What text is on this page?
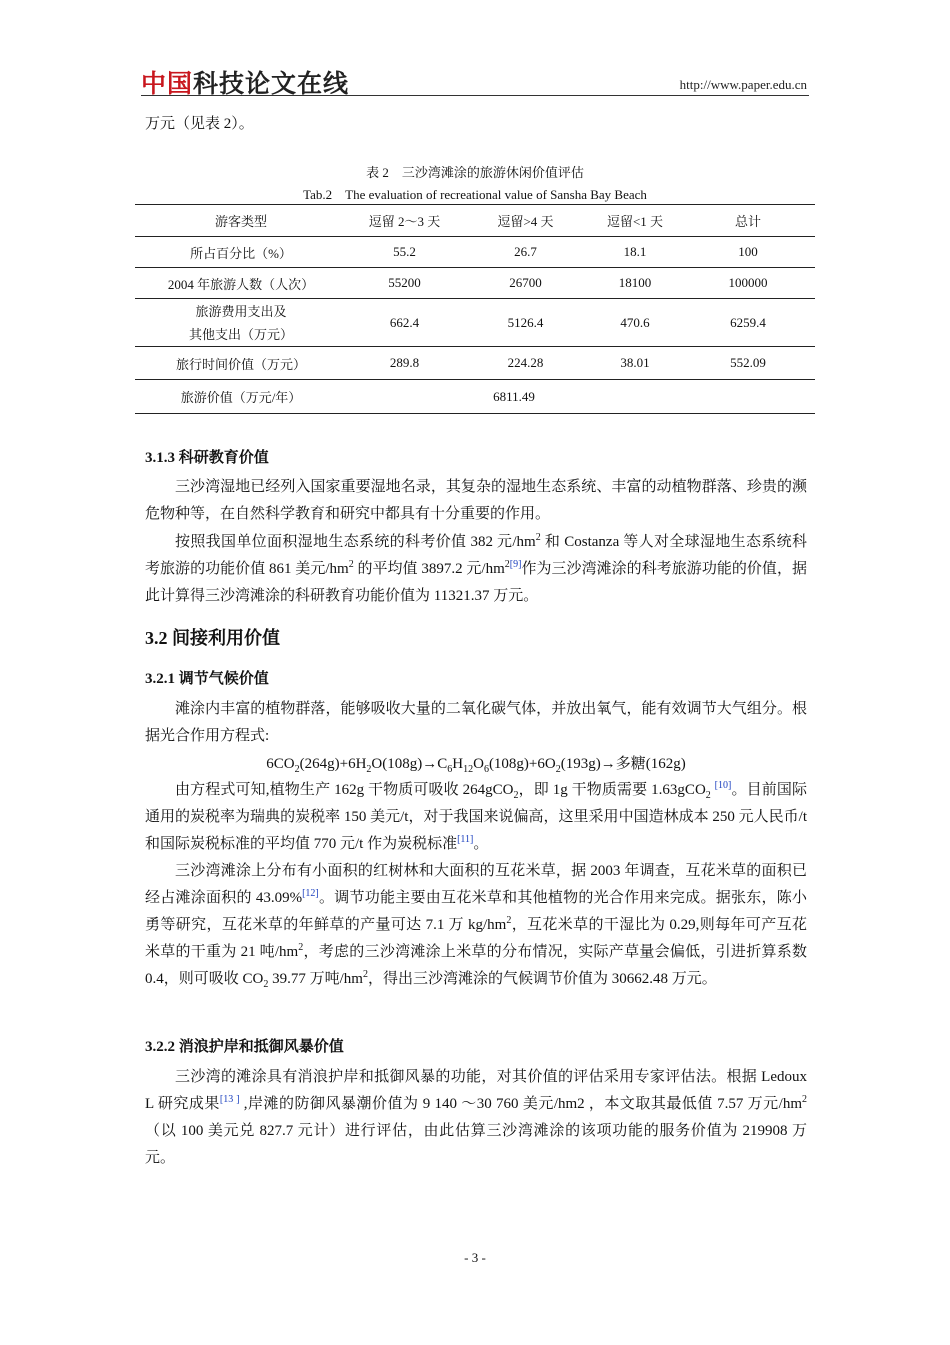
中国科技论文在线	http://www.paper.edu.cn
万元（见表 2）。
表 2　三沙湾滩涂的旅游休闲价值评估
Tab.2　The evaluation of recreational value of Sansha Bay Beach
游客类型	逗留 2～3 天	逗留>4 天	逗留<1 天	总计
所占百分比（%）	55.2	26.7	18.1	100
2004 年旅游人数（人次）	55200	26700	18100	100000
旅游费用支出及
其他支出（万元）	662.4	5126.4	470.6	6259.4
旅行时间价值（万元）	289.8	224.28	38.01	552.09
旅游价值（万元/年）	6811.49			
3.1.3 科研教育价值
三沙湾湿地已经列入国家重要湿地名录，其复杂的湿地生态系统、丰富的动植物群落、珍贵的濒危物种等，在自然科学教育和研究中都具有十分重要的作用。
按照我国单位面积湿地生态系统的科考价值 382 元$/hm^2$ 和 Costanza 等人对全球湿地生态系统科考旅游的功能价值 861 美元$/hm^2$ 的平均值 3897.2 元/hm$^{2[9]}$作为三沙湾滩涂的科考旅游功能的价值，据此计算得三沙湾滩涂的科研教育功能价值为 11321.37 万元。
3.2 间接利用价值
3.2.1 调节气候价值
滩涂内丰富的植物群落，能够吸收大量的二氧化碳气体，并放出氧气，能有效调节大气组分。根据光合作用方程式:
$6CO_2(264g)+6H_2O(108g)\to C_6H_{12}O_6(108g)+6O_2(193g)\to$多糖(162g)
由方程式可知,植物生产 162g 干物质可吸收 264gCO$_2$，即 1g 干物质需要 1.63gCO$_2$ [10]。目前国际通用的炭税率为瑞典的炭税率 150 美元/t，对于我国来说偏高，这里采用中国造林成本 250 元人民币/t 和国际炭税标准的平均值 770 元/t 作为炭税标准[11]。
三沙湾滩涂上分布有小面积的红树林和大面积的互花米草，据 2003 年调查，互花米草的面积已经占滩涂面积的 43.09%[12]。调节功能主要由互花米草和其他植物的光合作用来完成。据张东，陈小勇等研究，互花米草的年鲜草的产量可达 7.1 万 $kg/hm^2$，互花米草的干湿比为 0.29,则每年可产互花米草的干重为 21 吨$/hm^2$，考虑的三沙湾滩涂上米草的分布情况，实际产草量会偏低，引进折算系数 0.4，则可吸收 $CO_2$ 39.77 万吨$/hm^2$，得出三沙湾滩涂的气候调节价值为 30662.48 万元。
3.2.2 消浪护岸和抵御风暴价值
三沙湾的滩涂具有消浪护岸和抵御风暴的功能，对其价值的评估采用专家评估法。根据 Ledoux L 研究成果[13 ] ,岸滩的防御风暴潮价值为 9 140 ～30 760 美元/hm2 ，本文取其最低值 7.57 万元$/hm^2$（以 100 美元兑 827.7 元计）进行评估，由此估算三沙湾滩涂的该项功能的服务价值为 219908 万元。
- 3 -
